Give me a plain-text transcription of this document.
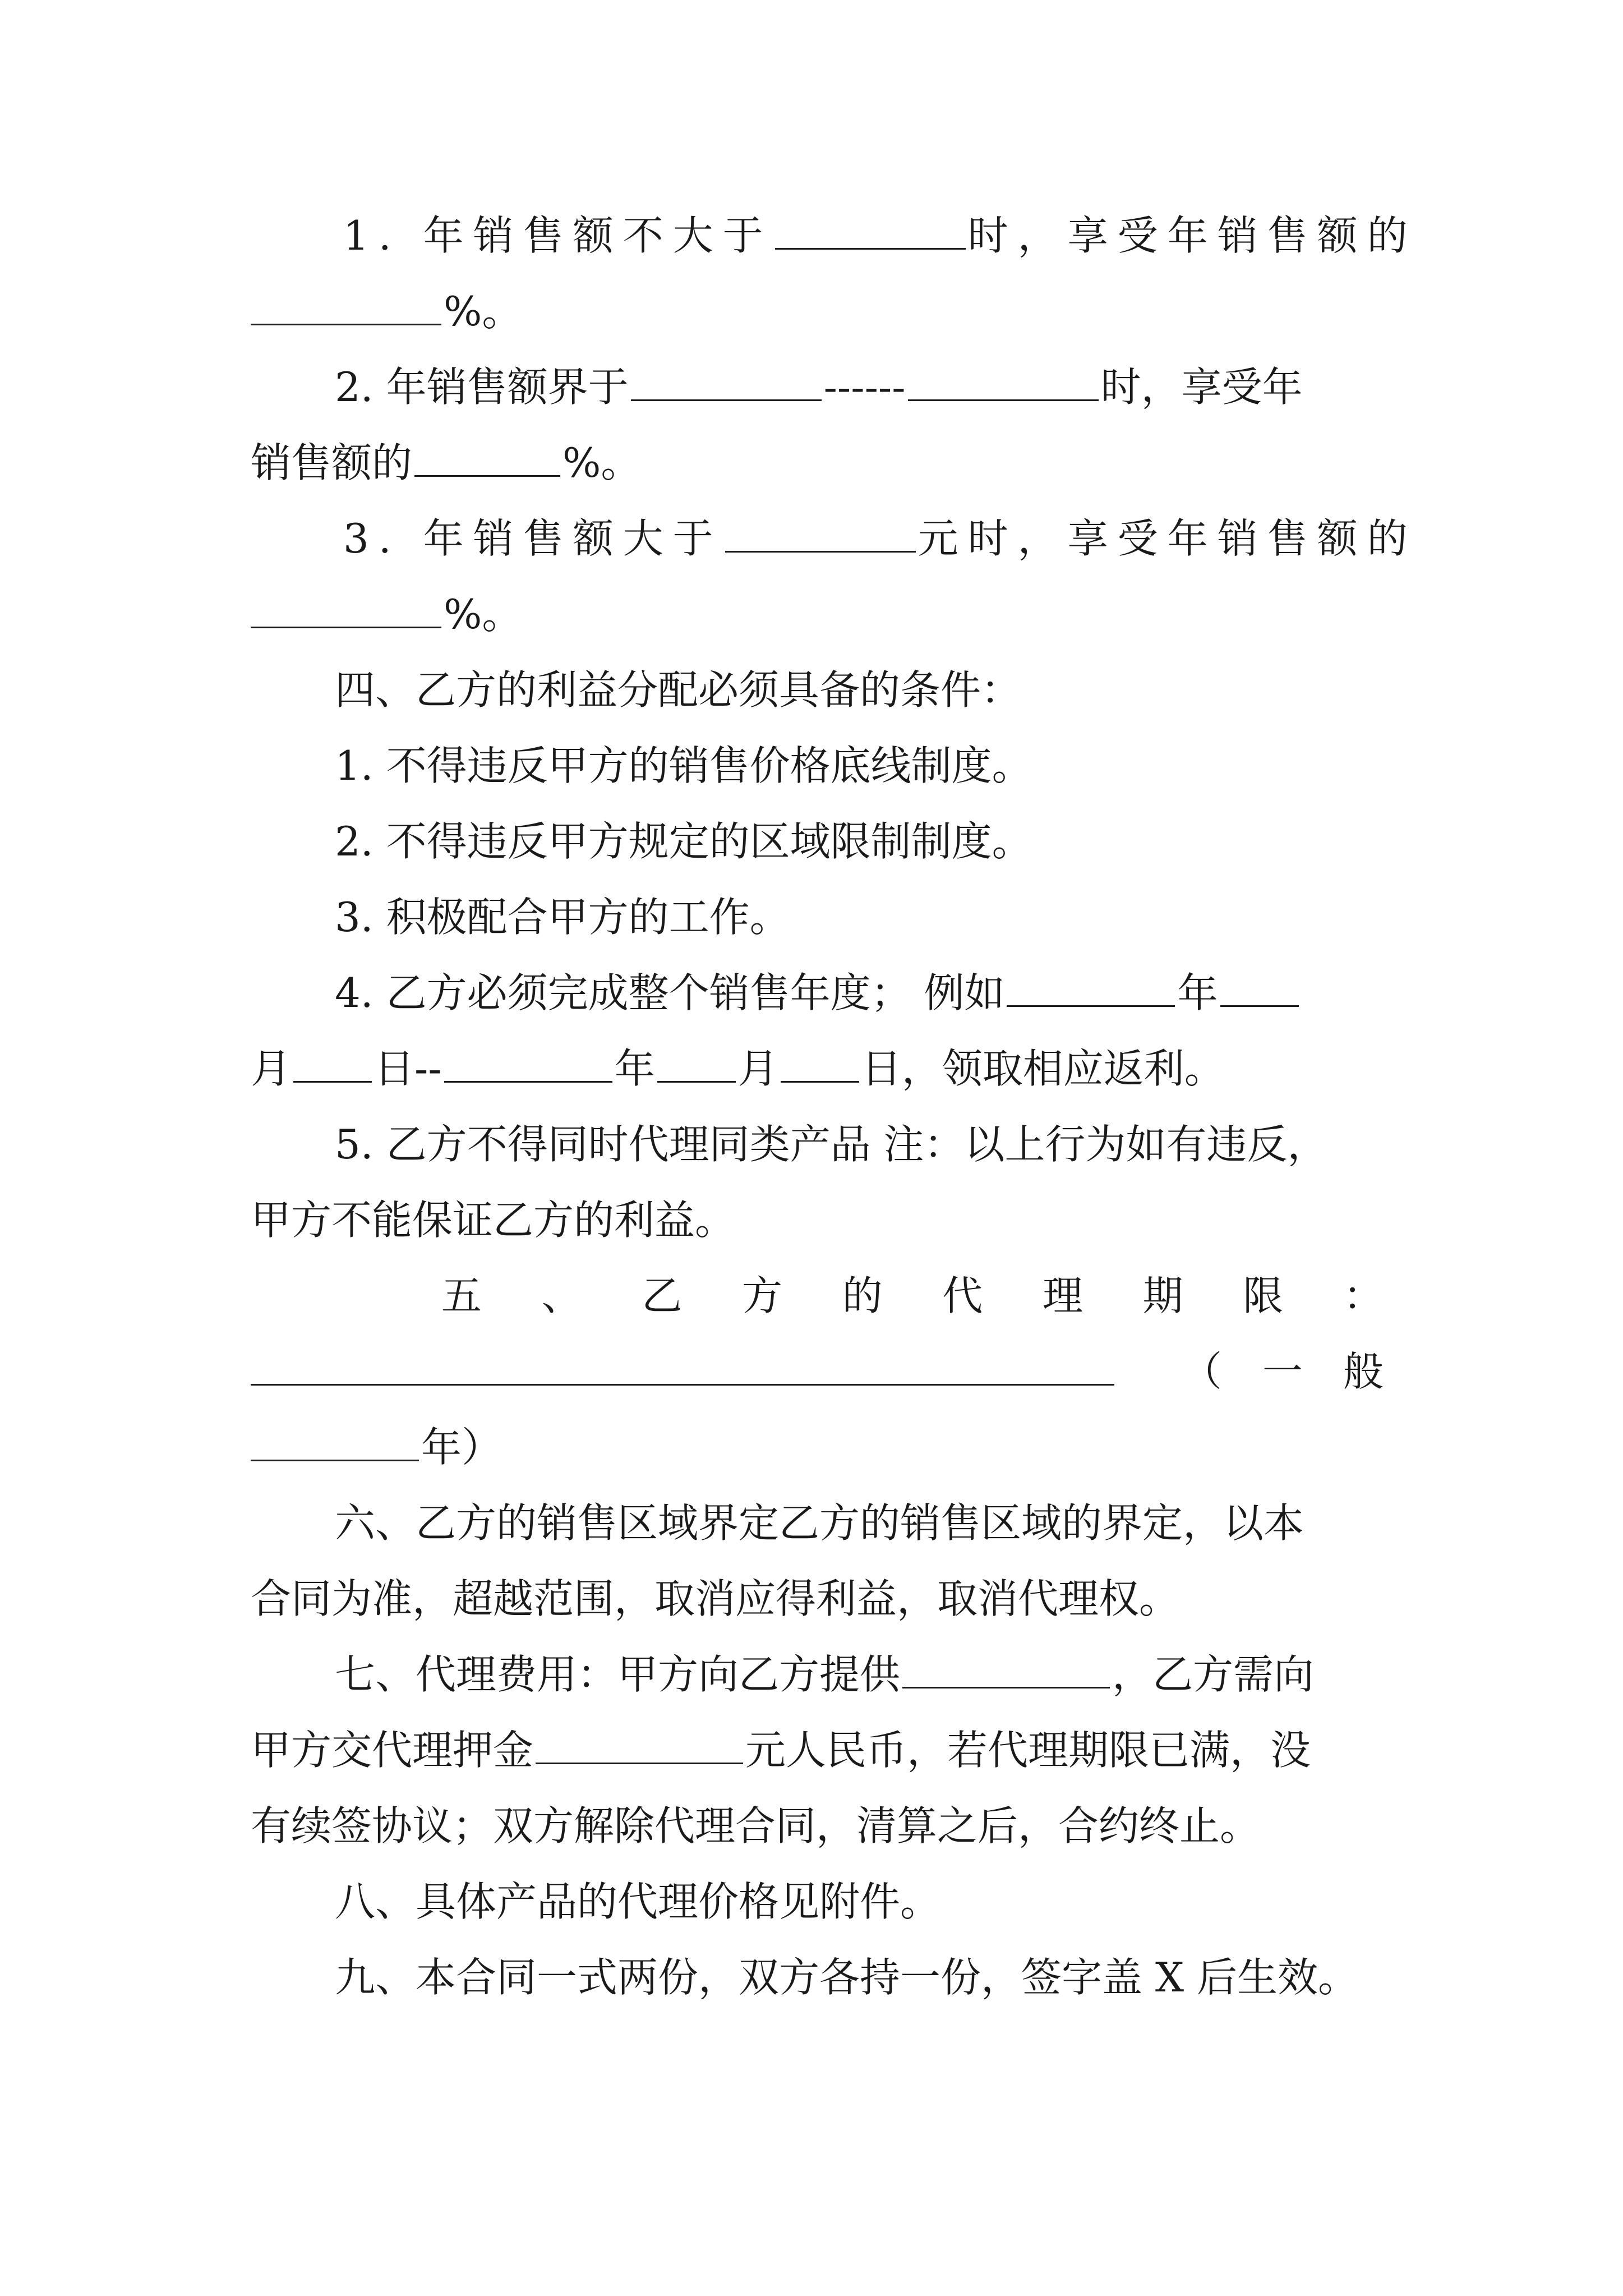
1. 年销售额不大于	时，享受年销售额的
%。
2. 年销售额界于	------	时，享受年
销售额的	%。
3. 年销售额大于	元时，享受年销售额的
%。
四、乙方的利益分配必须具备的条件：
1. 不得违反甲方的销售价格底线制度。
2. 不得违反甲方规定的区域限制制度。
3. 积极配合甲方的工作。
4. 乙方必须完成整个销售年度； 例如	年
月 日--	年 月 日，领取相应返利。
5. 乙方不得同时代理同类产品 注：以上行为如有违反，
甲方不能保证乙方的利益。
五 、 乙 方 的 代 理 期 限 ：
（ 一 般
年）
六、乙方的销售区域界定乙方的销售区域的界定，以本
合同为准，超越范围，取消应得利益，取消代理权。
七、代理费用：甲方向乙方提供	，乙方需向
甲方交代理押金	元人民币，若代理期限已满，没
有续签协议；双方解除代理合同，清算之后，合约终止。
八、具体产品的代理价格见附件。
九、本合同一式两份，双方各持一份，签字盖 X 后生效。
